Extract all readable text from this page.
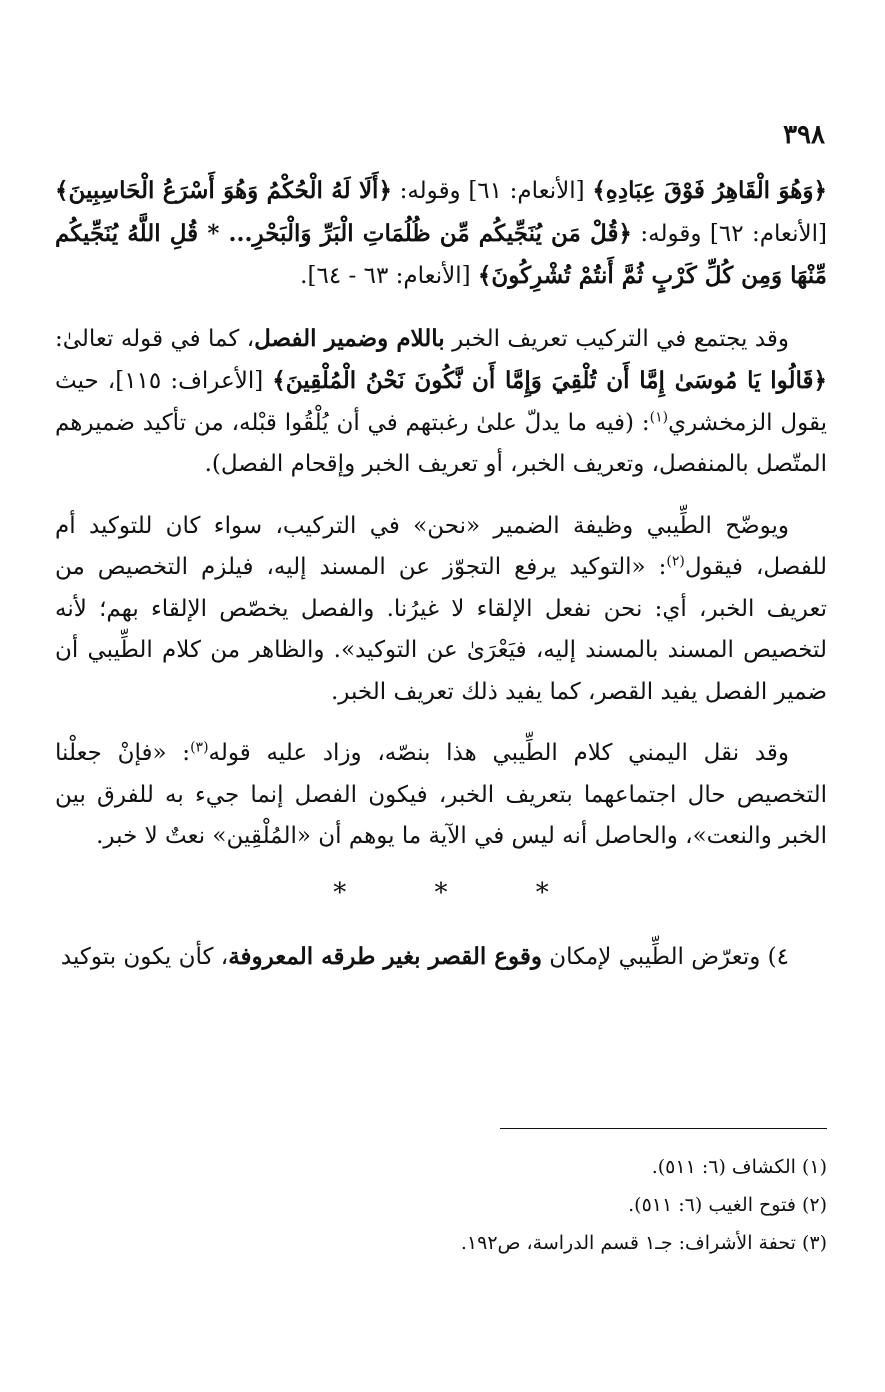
٣٩٨

﴿وَهُوَ الْقَاهِرُ فَوْقَ عِبَادِهِ﴾ [الأنعام: ٦١] وقوله: ﴿أَلَا لَهُ الْحُكْمُ وَهُوَ أَسْرَعُ الْحَاسِبِينَ﴾ [الأنعام: ٦٢] وقوله: ﴿قُلْ مَن يُنَجِّيكُم مِّن ظُلُمَاتِ الْبَرِّ وَالْبَحْرِ... * قُلِ اللَّهُ يُنَجِّيكُم مِّنْهَا وَمِن كُلِّ كَرْبٍ ثُمَّ أَنتُمْ تُشْرِكُونَ﴾ [الأنعام: ٦٣ - ٦٤].

وقد يجتمع في التركيب تعريف الخبر باللام وضمير الفصل، كما في قوله تعالىٰ: ﴿قَالُوا يَا مُوسَىٰ إِمَّا أَن تُلْقِيَ وَإِمَّا أَن نَّكُونَ نَحْنُ الْمُلْقِينَ﴾ [الأعراف: ١١٥]، حيث يقول الزمخشري$^{(١)}$: (فيه ما يدلّ علىٰ رغبتهم في أن يُلْقُوا قبْله، من تأكيد ضميرهم المتّصل بالمنفصل، وتعريف الخبر، أو تعريف الخبر وإقحام الفصل).

ويوضّح الطِّيبي وظيفة الضمير «نحن» في التركيب، سواء كان للتوكيد أم للفصل، فيقول$^{(٢)}$: «التوكيد يرفع التجوّز عن المسند إليه، فيلزم التخصيص من تعريف الخبر، أي: نحن نفعل الإلقاء لا غيرُنا. والفصل يخصّص الإلقاء بهم؛ لأنه لتخصيص المسند بالمسند إليه، فيَعْرَىٰ عن التوكيد». والظاهر من كلام الطِّيبي أن ضمير الفصل يفيد القصر، كما يفيد ذلك تعريف الخبر.

وقد نقل اليمني كلام الطِّيبي هذا بنصّه، وزاد عليه قوله$^{(٣)}$: «فإنْ جعلْنا التخصيص حال اجتماعهما بتعريف الخبر، فيكون الفصل إنما جيء به للفرق بين الخبر والنعت»، والحاصل أنه ليس في الآية ما يوهم أن «المُلْقِين» نعتٌ لا خبر.

* * *

٤) وتعرّض الطِّيبي لإمكان وقوع القصر بغير طرقه المعروفة، كأن يكون بتوكيد

(١) الكشاف (٦: ٥١١).
(٢) فتوح الغيب (٦: ٥١١).
(٣) تحفة الأشراف: جـ١ قسم الدراسة، ص١٩٢.
